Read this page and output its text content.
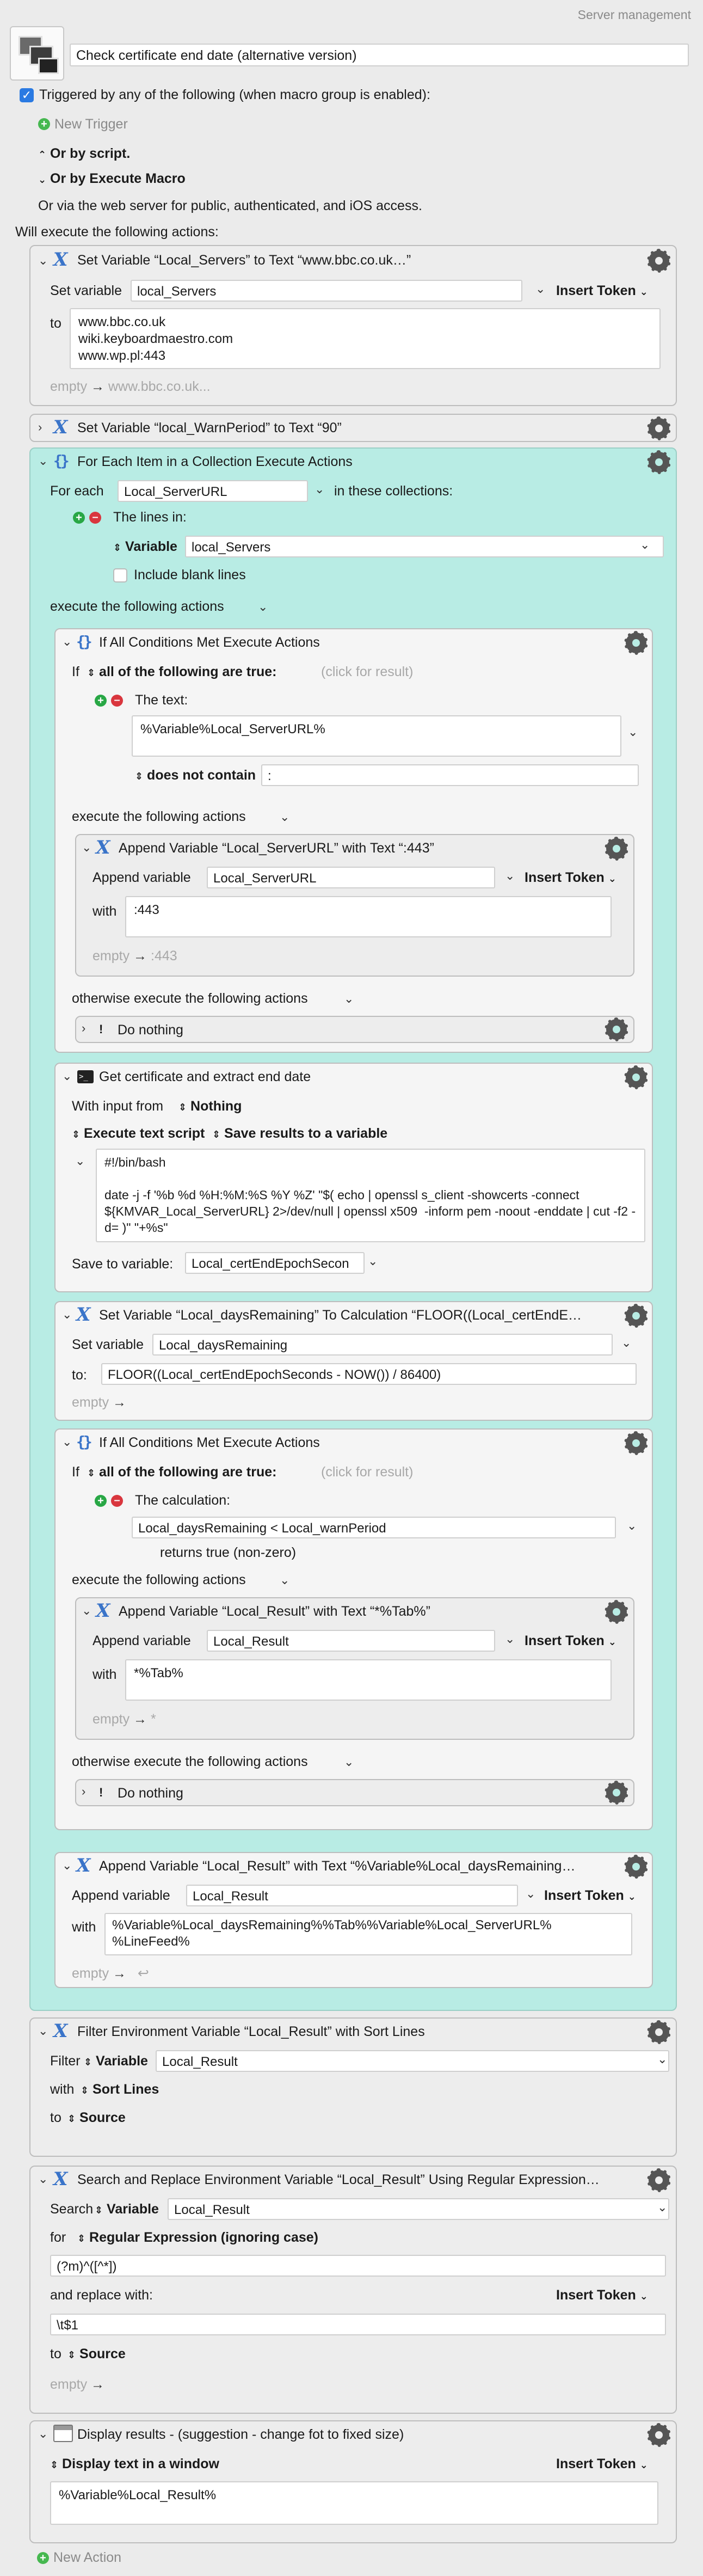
Server management
Check certificate end date (alternative version)
✓ Triggered by any of the following (when macro group is enabled):
+ New Trigger
⌃ Or by script.
⌄ Or by Execute Macro
Or via the web server for public, authenticated, and iOS access.
Will execute the following actions:
⌄ X Set Variable “Local_Servers” to Text “www.bbc.co.uk…”
Set variable	local_Servers	⌄ Insert Token ⌄
to	www.bbc.co.uk
wiki.keyboardmaestro.com
www.wp.pl:443
empty → www.bbc.co.uk...
› X Set Variable “local_WarnPeriod” to Text “90”
⌄ {} For Each Item in a Collection Execute Actions
For each	Local_ServerURL	⌄ in these collections:
+ – The lines in:
⇕ Variable	local_Servers	⌄
Include blank lines
execute the following actions	⌄
⌄ {} If All Conditions Met Execute Actions
If ⇕ all of the following are true:	(click for result)
+ – The text:
%Variable%Local_ServerURL%	⌄
⇕ does not contain :
execute the following actions	⌄
⌄ X Append Variable “Local_ServerURL” with Text “:443”
Append variable	Local_ServerURL	⌄ Insert Token ⌄
with	:443
empty → :443
otherwise execute the following actions	⌄
› ! Do nothing
⌄ >_ Get certificate and extract end date
With input from ⇕ Nothing
⇕ Execute text script ⇕ Save results to a variable
⌄	#!/bin/bash

date -j -f '%b %d %H:%M:%S %Y %Z' "$( echo | openssl s_client -showcerts -connect ${KMVAR_Local_ServerURL} 2>/dev/null | openssl x509  -inform pem -noout -enddate | cut -f2 -d= )" "+%s"
Save to variable:	Local_certEndEpochSecon	⌄
⌄ X Set Variable “Local_daysRemaining” To Calculation “FLOOR((Local_certEndE…
Set variable	Local_daysRemaining	⌄
to:	FLOOR((Local_certEndEpochSeconds - NOW()) / 86400)
empty →
⌄ {} If All Conditions Met Execute Actions
If ⇕ all of the following are true:	(click for result)
+ – The calculation:
Local_daysRemaining < Local_warnPeriod	⌄
returns true (non-zero)
execute the following actions	⌄
⌄ X Append Variable “Local_Result” with Text “*%Tab%”
Append variable	Local_Result	⌄ Insert Token ⌄
with	*%Tab%
empty → *
otherwise execute the following actions	⌄
› ! Do nothing
⌄ X Append Variable “Local_Result” with Text “%Variable%Local_daysRemaining…
Append variable	Local_Result	⌄ Insert Token ⌄
with	%Variable%Local_daysRemaining%%Tab%%Variable%Local_ServerURL%
%LineFeed%
empty → ↩
⌄ X Filter Environment Variable “Local_Result” with Sort Lines
Filter ⇕ Variable	Local_Result	⌄
with ⇕ Sort Lines
to ⇕ Source
⌄ X Search and Replace Environment Variable “Local_Result” Using Regular Expression…
Search ⇕ Variable	Local_Result	⌄
for ⇕ Regular Expression (ignoring case)
(?m)^([^*])
and replace with:	Insert Token ⌄
\t$1
to ⇕ Source
empty →
⌄ Display results - (suggestion - change fot to fixed size)
⇕ Display text in a window	Insert Token ⌄
%Variable%Local_Result%
+ New Action
